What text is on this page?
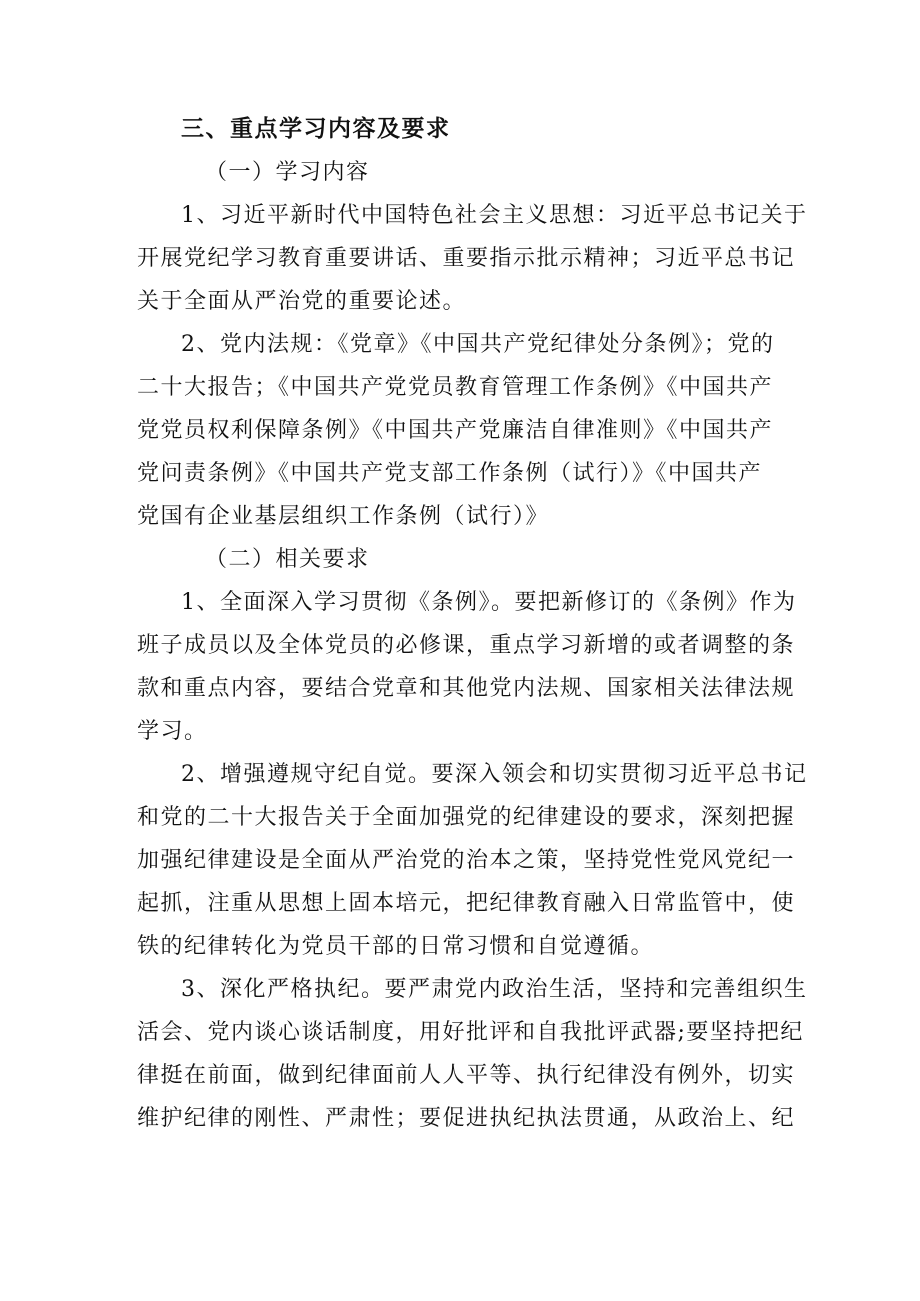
三、重点学习内容及要求
（一）学习内容
1、习近平新时代中国特色社会主义思想：习近平总书记关于
开展党纪学习教育重要讲话、重要指示批示精神；习近平总书记
关于全面从严治党的重要论述。
2、党内法规：《党章》《中国共产党纪律处分条例》；党的
二十大报告；《中国共产党党员教育管理工作条例》《中国共产
党党员权利保障条例》《中国共产党廉洁自律准则》《中国共产
党问责条例》《中国共产党支部工作条例（试行）》《中国共产
党国有企业基层组织工作条例（试行）》
（二）相关要求
1、全面深入学习贯彻《条例》。要把新修订的《条例》作为
班子成员以及全体党员的必修课，重点学习新增的或者调整的条
款和重点内容，要结合党章和其他党内法规、国家相关法律法规
学习。
2、增强遵规守纪自觉。要深入领会和切实贯彻习近平总书记
和党的二十大报告关于全面加强党的纪律建设的要求，深刻把握
加强纪律建设是全面从严治党的治本之策，坚持党性党风党纪一
起抓，注重从思想上固本培元，把纪律教育融入日常监管中，使
铁的纪律转化为党员干部的日常习惯和自觉遵循。
3、深化严格执纪。要严肃党内政治生活，坚持和完善组织生
活会、党内谈心谈话制度，用好批评和自我批评武器;要坚持把纪
律挺在前面，做到纪律面前人人平等、执行纪律没有例外，切实
维护纪律的刚性、严肃性；要促进执纪执法贯通，从政治上、纪
